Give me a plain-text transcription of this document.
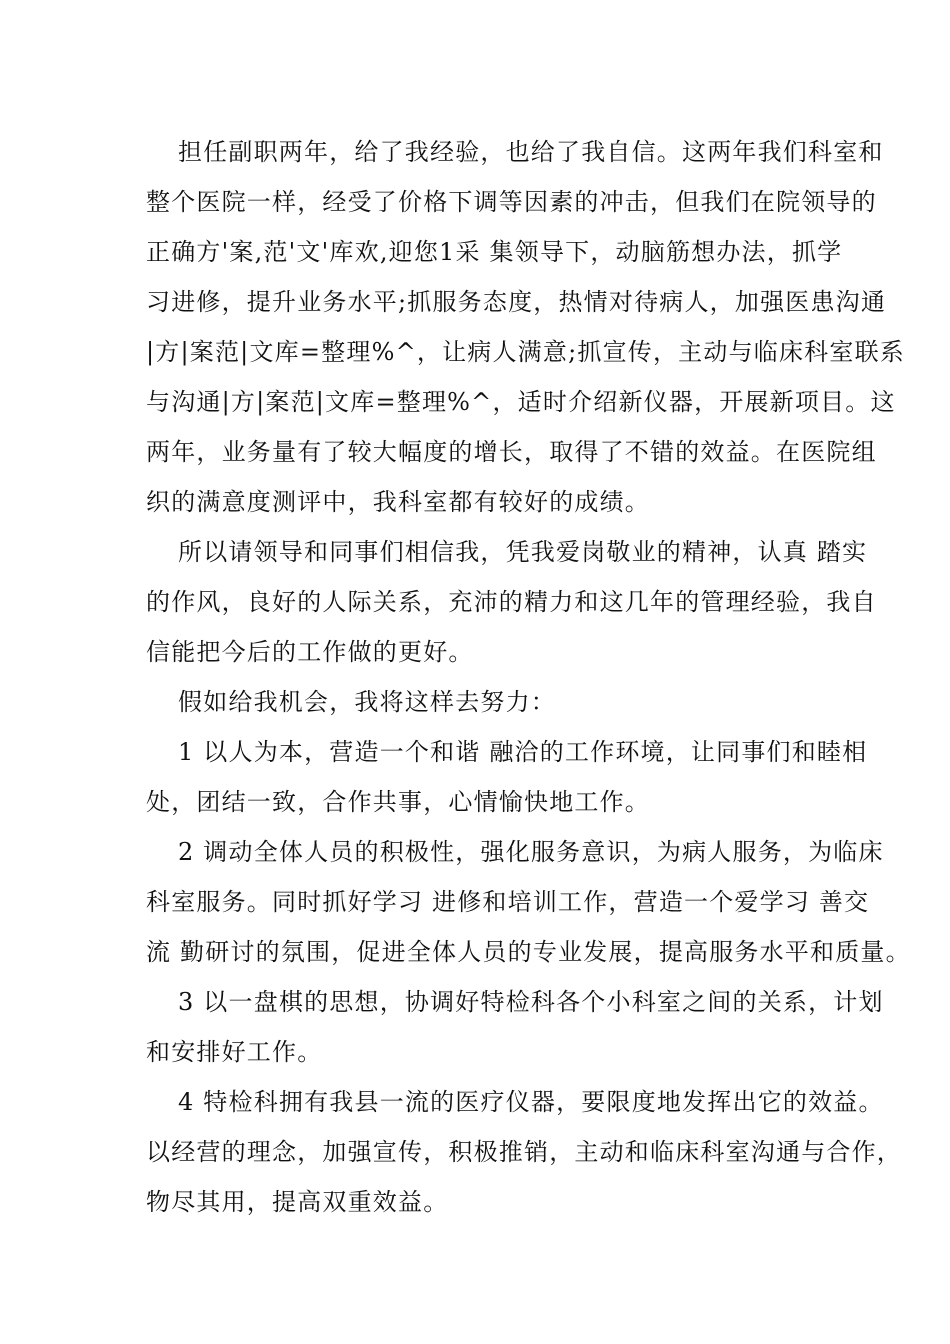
担任副职两年，给了我经验，也给了我自信。这两年我们科室和
整个医院一样，经受了价格下调等因素的冲击，但我们在院领导的
正确方'案,范'文'库欢,迎您1采 集领导下，动脑筋想办法，抓学
习进修，提升业务水平;抓服务态度，热情对待病人，加强医患沟通
|方|案范|文库=整理%^，让病人满意;抓宣传，主动与临床科室联系
与沟通|方|案范|文库=整理%^，适时介绍新仪器，开展新项目。这
两年，业务量有了较大幅度的增长，取得了不错的效益。在医院组
织的满意度测评中，我科室都有较好的成绩。
所以请领导和同事们相信我，凭我爱岗敬业的精神，认真 踏实
的作风，良好的人际关系，充沛的精力和这几年的管理经验，我自
信能把今后的工作做的更好。
假如给我机会，我将这样去努力：
1 以人为本，营造一个和谐 融洽的工作环境，让同事们和睦相
处，团结一致，合作共事，心情愉快地工作。
2 调动全体人员的积极性，强化服务意识，为病人服务，为临床
科室服务。同时抓好学习 进修和培训工作，营造一个爱学习 善交
流 勤研讨的氛围，促进全体人员的专业发展，提高服务水平和质量。
3 以一盘棋的思想，协调好特检科各个小科室之间的关系，计划
和安排好工作。
4 特检科拥有我县一流的医疗仪器，要限度地发挥出它的效益。
以经营的理念，加强宣传，积极推销，主动和临床科室沟通与合作，
物尽其用，提高双重效益。
